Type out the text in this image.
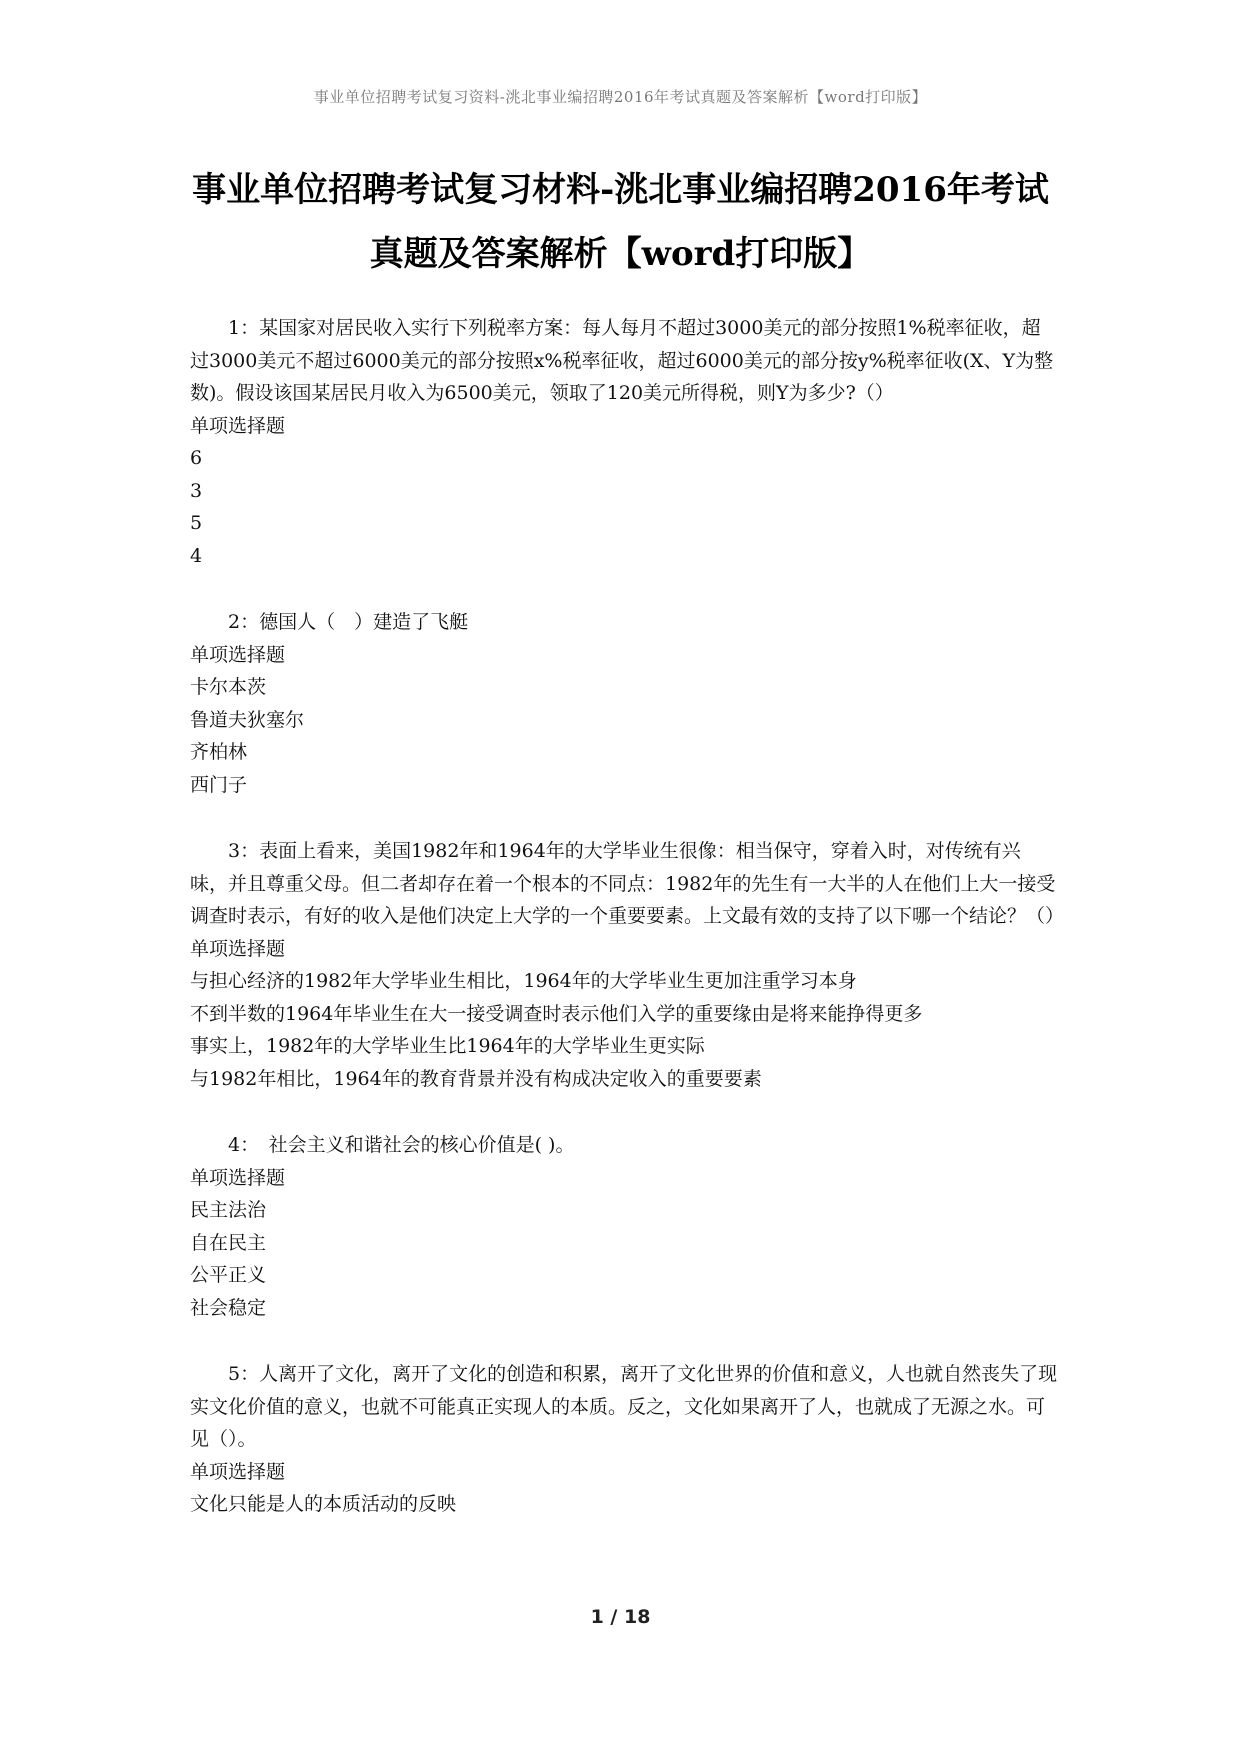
事业单位招聘考试复习资料-洮北事业编招聘2016年考试真题及答案解析【word打印版】
事业单位招聘考试复习材料-洮北事业编招聘2016年考试
真题及答案解析【word打印版】

1：某国家对居民收入实行下列税率方案：每人每月不超过3000美元的部分按照1%税率征收，超过3000美元不超过6000美元的部分按照x%税率征收，超过6000美元的部分按y%税率征收(X、Y为整数)。假设该国某居民月收入为6500美元，领取了120美元所得税，则Y为多少?（）

单项选择题
6
3
5
4

2：德国人（　）建造了飞艇

单项选择题
卡尔本茨
鲁道夫狄塞尔
齐柏林
西门子

3：表面上看来，美国1982年和1964年的大学毕业生很像：相当保守，穿着入时，对传统有兴味，并且尊重父母。但二者却存在着一个根本的不同点：1982年的先生有一大半的人在他们上大一接受调查时表示，有好的收入是他们决定上大学的一个重要要素。上文最有效的支持了以下哪一个结论？（）

单项选择题
与担心经济的1982年大学毕业生相比，1964年的大学毕业生更加注重学习本身
不到半数的1964年毕业生在大一接受调查时表示他们入学的重要缘由是将来能挣得更多
事实上，1982年的大学毕业生比1964年的大学毕业生更实际
与1982年相比，1964年的教育背景并没有构成决定收入的重要要素

4：　社会主义和谐社会的核心价值是( )。

单项选择题
民主法治
自在民主
公平正义
社会稳定

5：人离开了文化，离开了文化的创造和积累，离开了文化世界的价值和意义，人也就自然丧失了现实文化价值的意义，也就不可能真正实现人的本质。反之，文化如果离开了人，也就成了无源之水。可见（）。

单项选择题
文化只能是人的本质活动的反映
1 / 18
